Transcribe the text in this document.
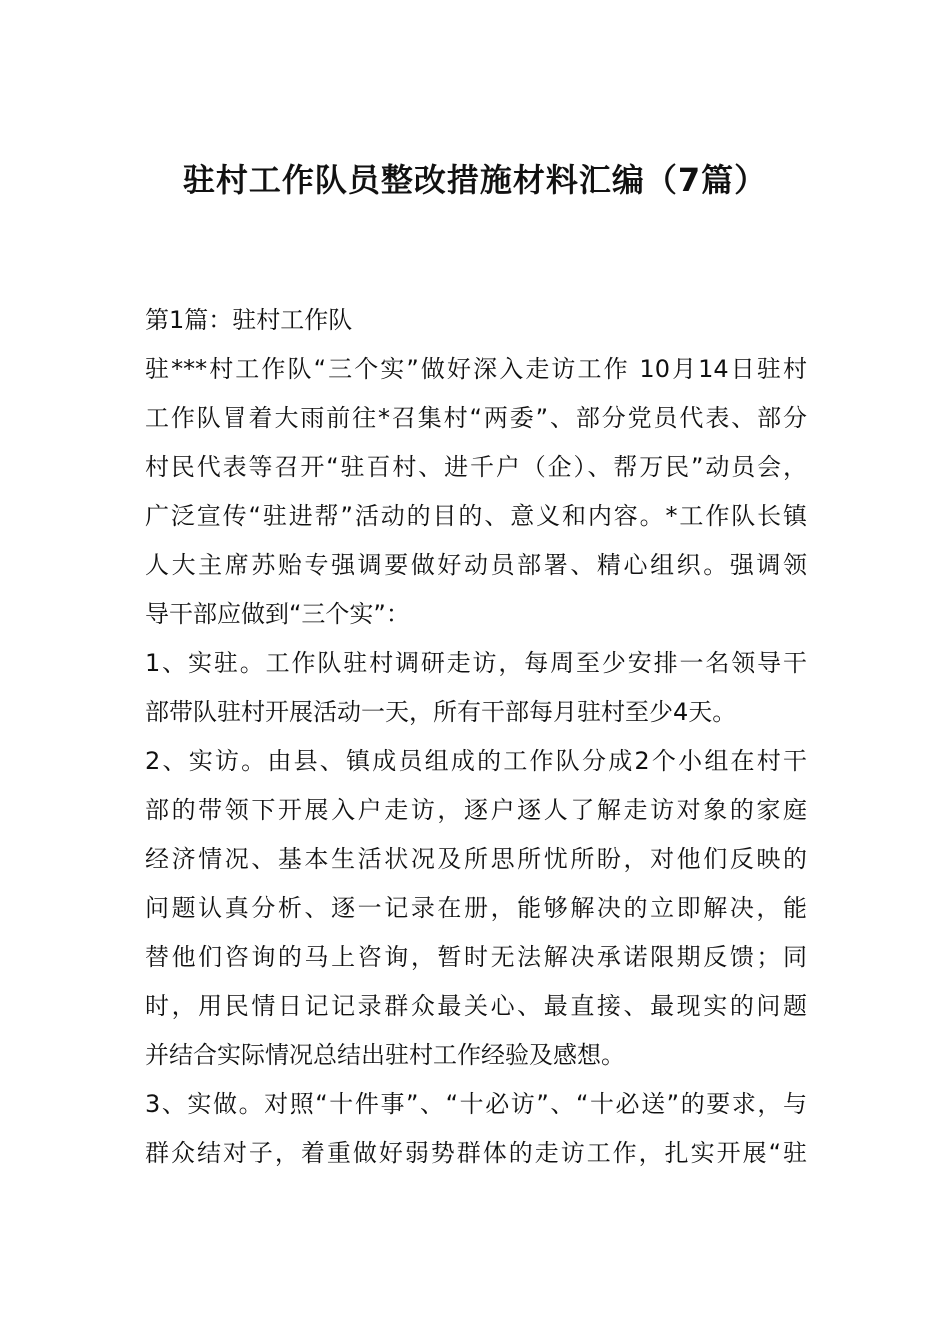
驻村工作队员整改措施材料汇编（7篇）
第1篇：驻村工作队
驻***村工作队“三个实”做好深入走访工作 10月14日驻村
工作队冒着大雨前往*召集村“两委”、部分党员代表、部分
村民代表等召开“驻百村、进千户（企）、帮万民”动员会，
广泛宣传“驻进帮”活动的目的、意义和内容。*工作队长镇
人大主席苏贻专强调要做好动员部署、精心组织。强调领
导干部应做到“三个实”：
1、实驻。工作队驻村调研走访，每周至少安排一名领导干
部带队驻村开展活动一天，所有干部每月驻村至少4天。
2、实访。由县、镇成员组成的工作队分成2个小组在村干
部的带领下开展入户走访，逐户逐人了解走访对象的家庭
经济情况、基本生活状况及所思所忧所盼，对他们反映的
问题认真分析、逐一记录在册，能够解决的立即解决，能
替他们咨询的马上咨询，暂时无法解决承诺限期反馈；同
时，用民情日记记录群众最关心、最直接、最现实的问题
并结合实际情况总结出驻村工作经验及感想。
3、实做。对照“十件事”、“十必访”、“十必送”的要求，与
群众结对子，着重做好弱势群体的走访工作，扎实开展“驻
